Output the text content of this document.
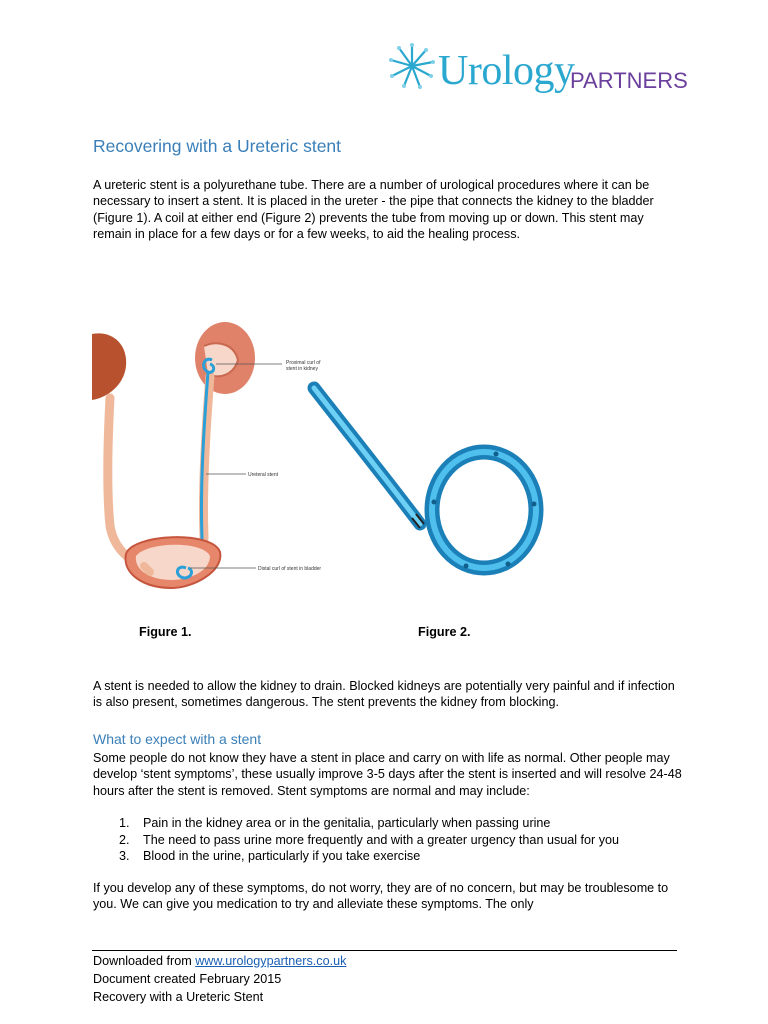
Urology
PARTNERS
Recovering with a Ureteric stent
A ureteric stent is a polyurethane tube. There are a number of urological procedures where it can be necessary to insert a stent. It is placed in the ureter - the pipe that connects the kidney to the bladder (Figure 1). A coil at either end (Figure 2) prevents the tube from moving up or down. This stent may remain in place for a few days or for a few weeks, to aid the healing process.
Proximal curl of
stent in kidney
Ureteral stent
Distal curl of stent in bladder
Figure 1.	Figure 2.
A stent is needed to allow the kidney to drain. Blocked kidneys are potentially very painful and if infection is also present, sometimes dangerous. The stent prevents the kidney from blocking.
What to expect with a stent
Some people do not know they have a stent in place and carry on with life as normal. Other people may develop ‘stent symptoms’, these usually improve 3-5 days after the stent is inserted and will resolve 24-48 hours after the stent is removed. Stent symptoms are normal and may include:
1. Pain in the kidney area or in the genitalia, particularly when passing urine
2. The need to pass urine more frequently and with a greater urgency than usual for you
3. Blood in the urine, particularly if you take exercise
If you develop any of these symptoms, do not worry, they are of no concern, but may be troublesome to you. We can give you medication to try and alleviate these symptoms. The only
Downloaded from www.urologypartners.co.uk
Document created February 2015
Recovery with a Ureteric Stent
